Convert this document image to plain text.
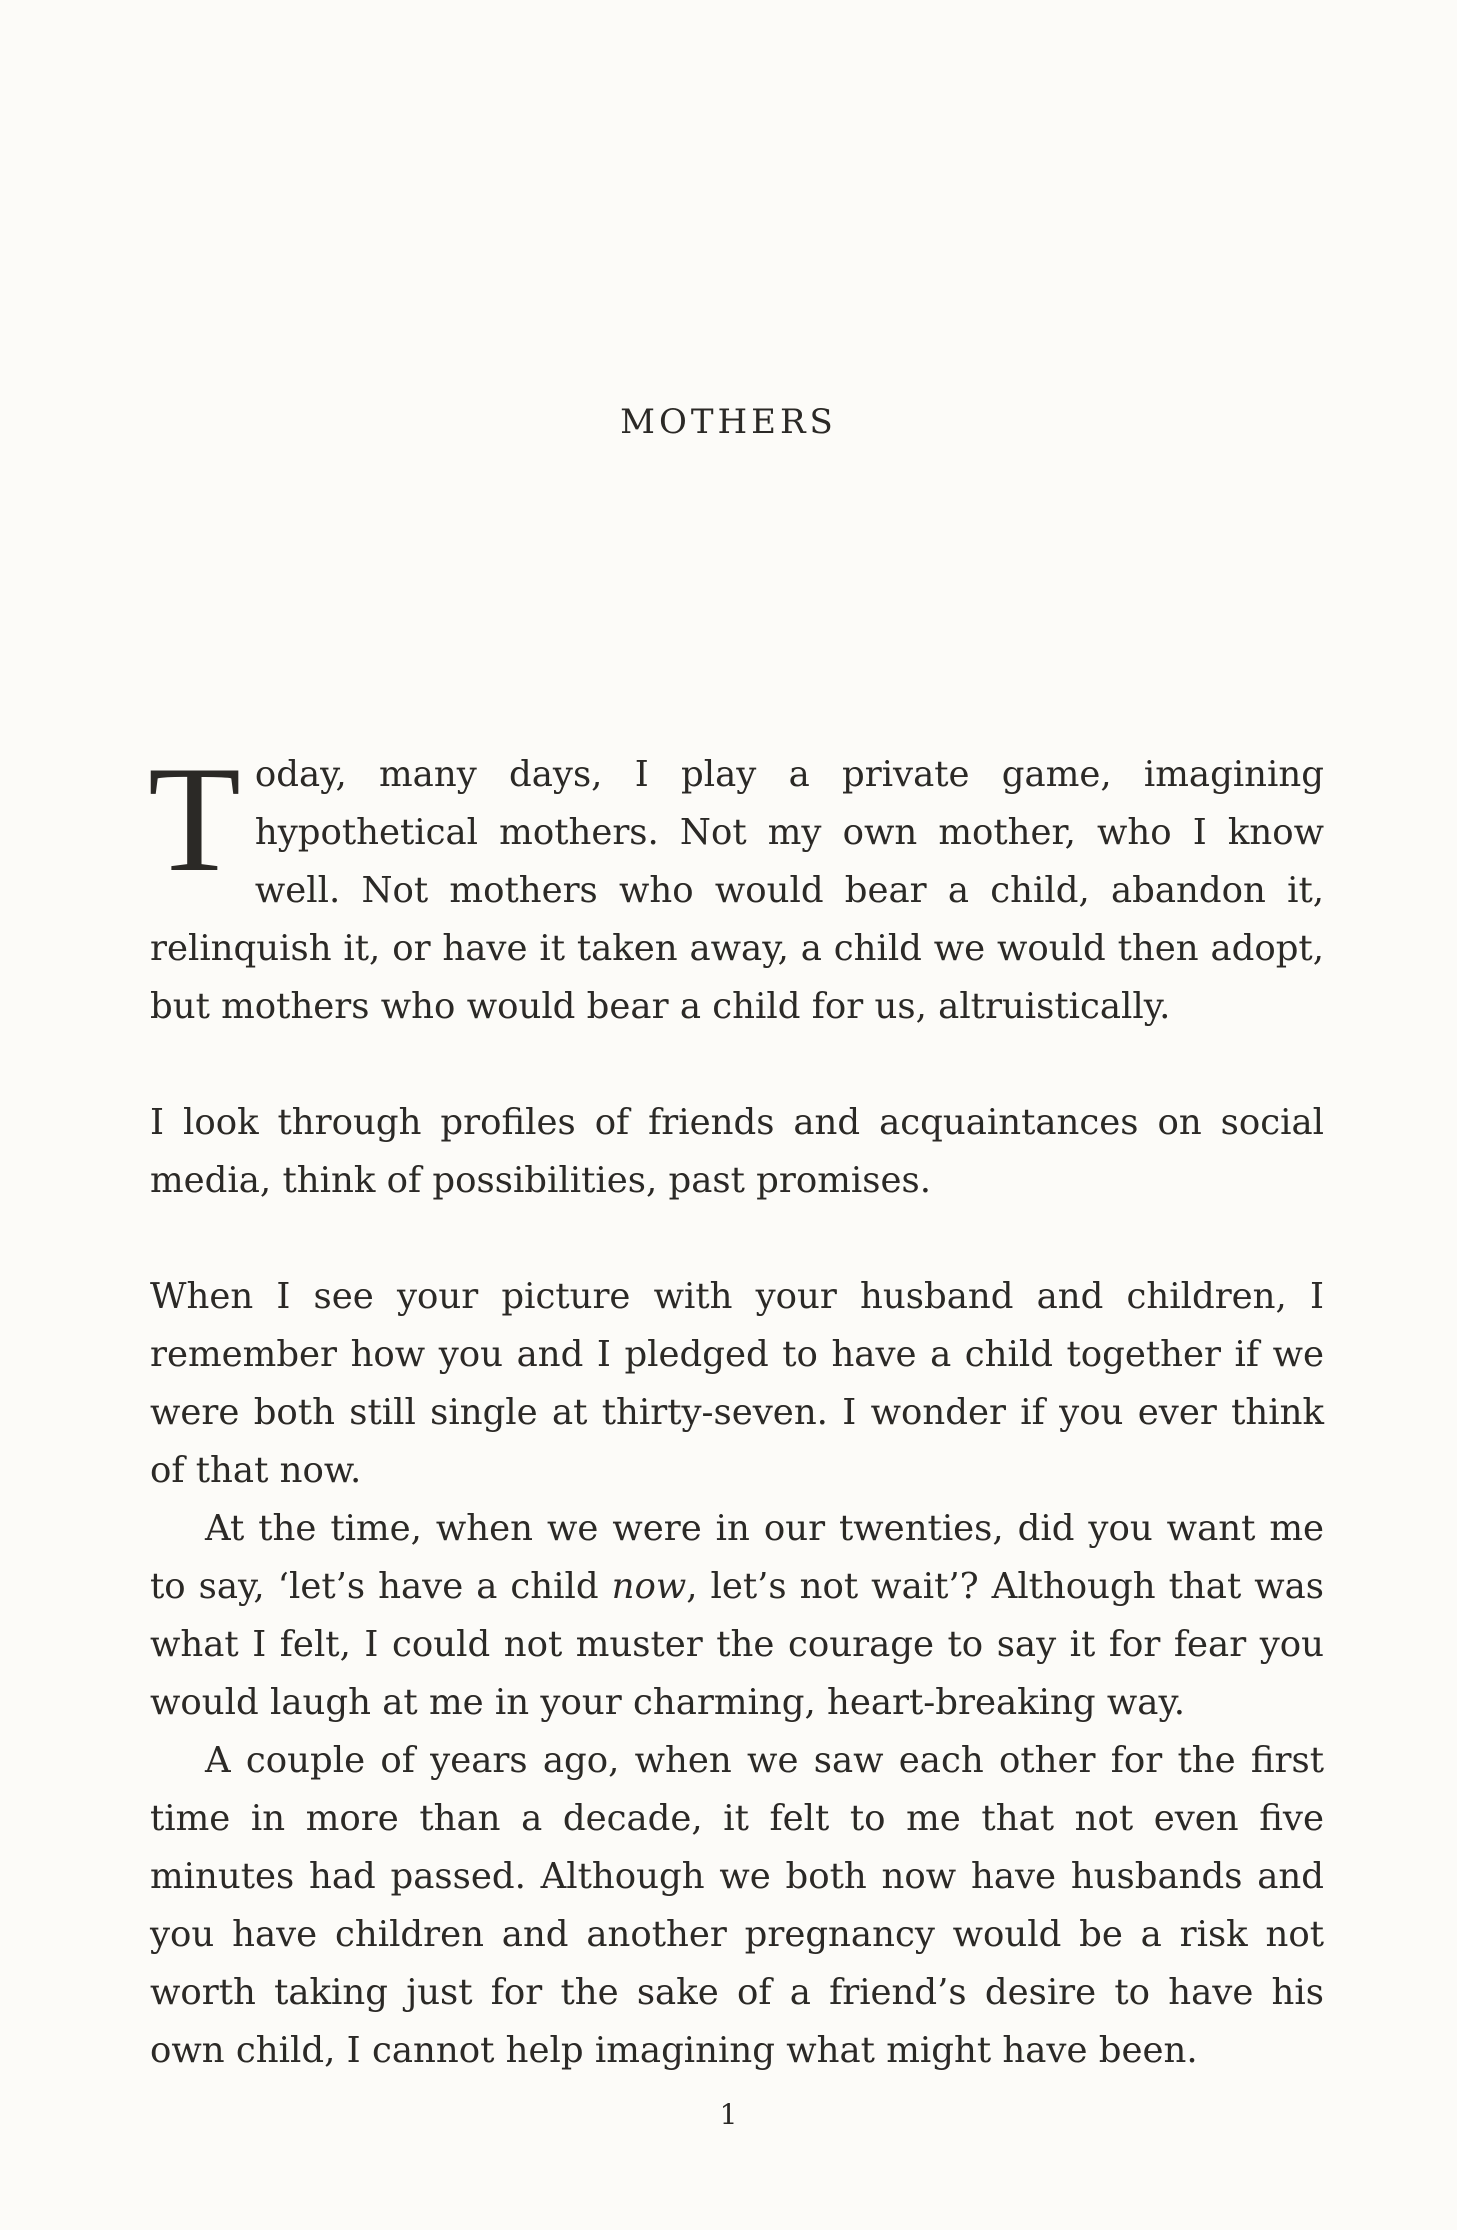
MOTHERS

Today, many days, I play a private game, imagining hypothetical mothers. Not my own mother, who I know well. Not mothers who would bear a child, abandon it, relinquish it, or have it taken away, a child we would then adopt, but mothers who would bear a child for us, altruistically.

I look through profiles of friends and acquaintances on social media, think of possibilities, past promises.

When I see your picture with your husband and children, I remember how you and I pledged to have a child together if we were both still single at thirty-seven. I wonder if you ever think of that now.

At the time, when we were in our twenties, did you want me to say, ‘let’s have a child now, let’s not wait’? Although that was what I felt, I could not muster the courage to say it for fear you would laugh at me in your charming, heart-breaking way.

A couple of years ago, when we saw each other for the first time in more than a decade, it felt to me that not even five minutes had passed. Although we both now have husbands and you have children and another pregnancy would be a risk not worth taking just for the sake of a friend’s desire to have his own child, I cannot help imagining what might have been.

1
